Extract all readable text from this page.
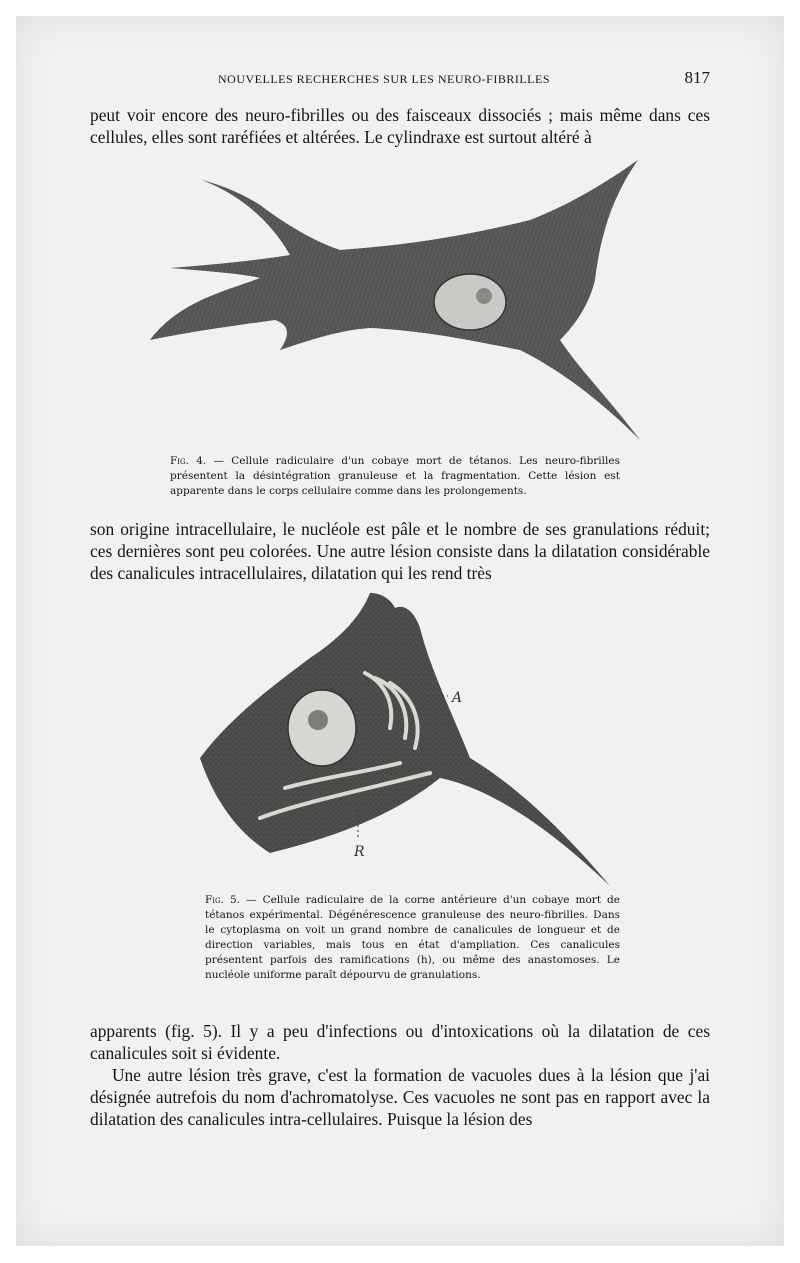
NOUVELLES RECHERCHES SUR LES NEURO-FIBRILLES	817

peut voir encore des neuro-fibrilles ou des faisceaux dissociés ; mais même dans ces cellules, elles sont raréfiées et altérées. Le cylindraxe est surtout altéré à

Fig. 4. — Cellule radiculaire d'un cobaye mort de tétanos. Les neuro-fibrilles présentent la désintégration granuleuse et la fragmentation. Cette lésion est apparente dans le corps cellulaire comme dans les prolongements.

son origine intracellulaire, le nucléole est pâle et le nombre de ses granulations réduit; ces dernières sont peu colorées. Une autre lésion consiste dans la dilatation considérable des canalicules intracellulaires, dilatation qui les rend très

A
R
Fig. 5. — Cellule radiculaire de la corne antérieure d'un cobaye mort de tétanos expérimental. Dégénérescence granuleuse des neuro-fibrilles. Dans le cytoplasma on voit un grand nombre de canalicules de longueur et de direction variables, mais tous en état d'ampliation. Ces canalicules présentent parfois des ramifications (h), ou même des anastomoses. Le nucléole uniforme paraît dépourvu de granulations.

apparents (fig. 5). Il y a peu d'infections ou d'intoxications où la dilatation de ces canalicules soit si évidente.

Une autre lésion très grave, c'est la formation de vacuoles dues à la lésion que j'ai désignée autrefois du nom d'achromatolyse. Ces vacuoles ne sont pas en rapport avec la dilatation des canalicules intra-cellulaires. Puisque la lésion des
